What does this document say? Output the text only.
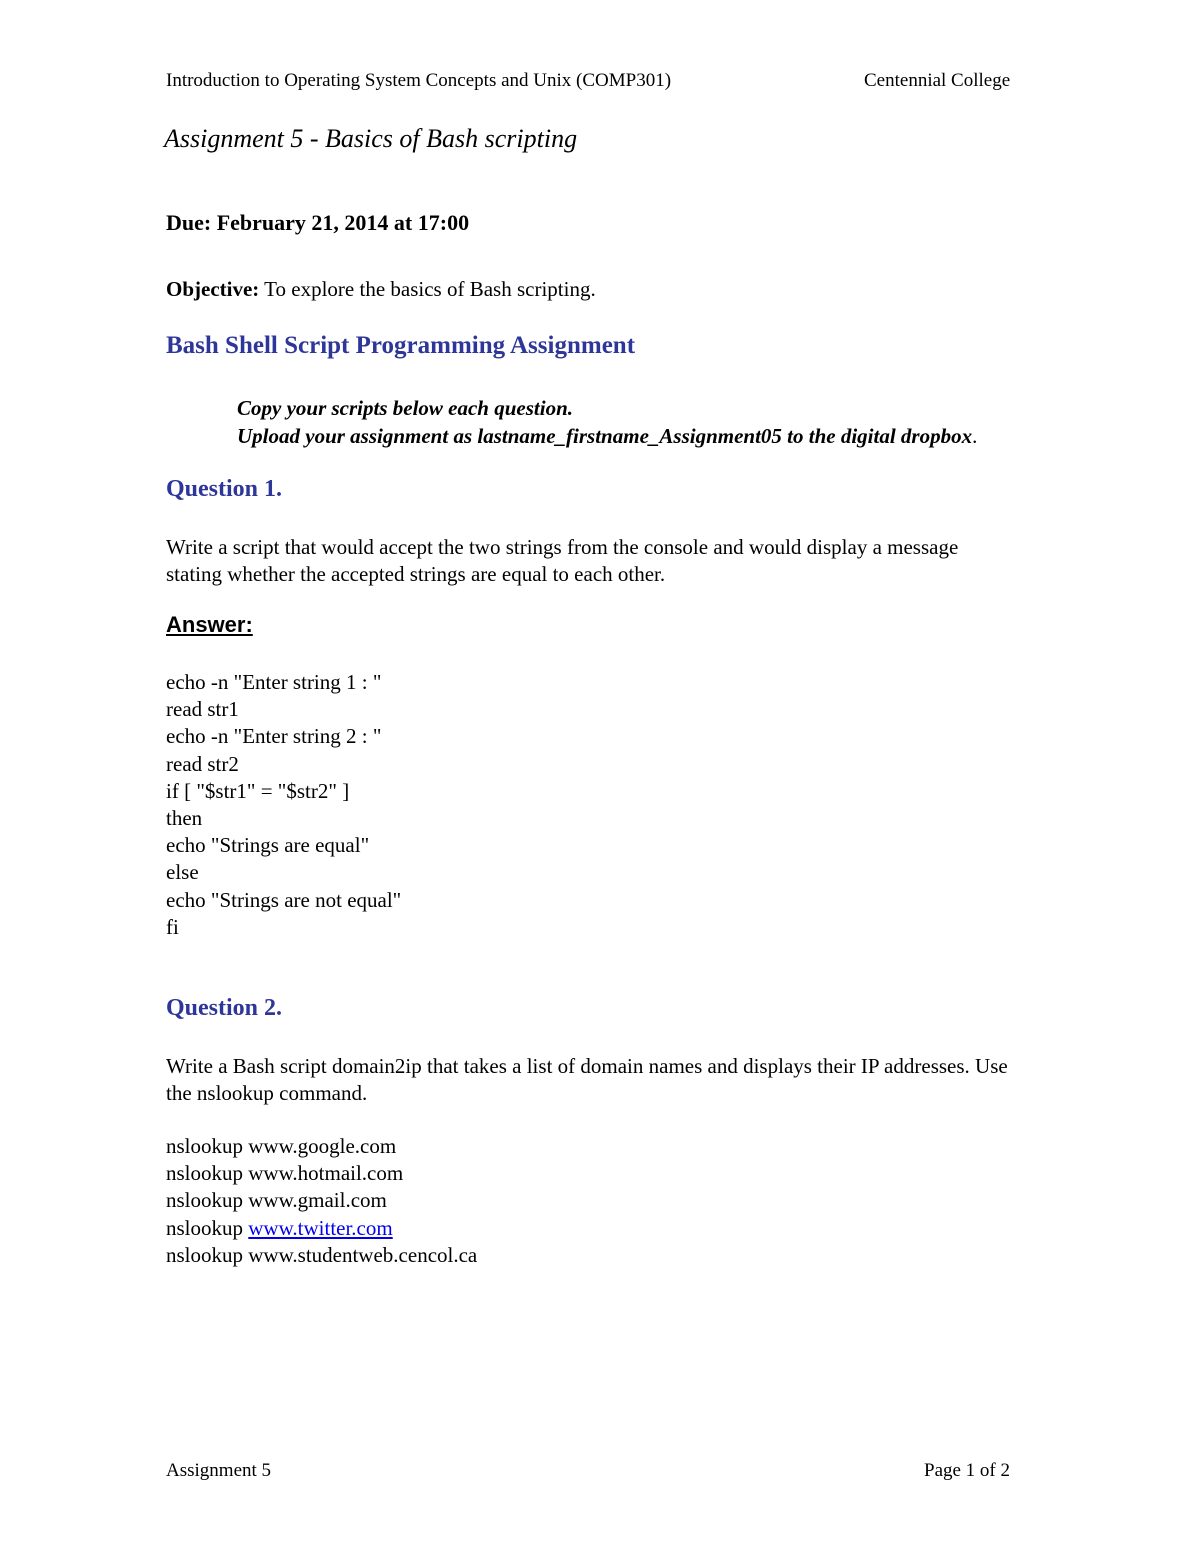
Introduction to Operating System Concepts and Unix (COMP301)	Centennial College
Assignment 5 - Basics of Bash scripting
Due: February 21, 2014 at 17:00
Objective: To explore the basics of Bash scripting.
Bash Shell Script Programming Assignment
Copy your scripts below each question.
Upload your assignment as lastname_firstname_Assignment05 to the digital dropbox.
Question 1.
Write a script that would accept the two strings from the console and would display a message
stating whether the accepted strings are equal to each other.
Answer:
echo -n "Enter string 1 : "
read str1
echo -n "Enter string 2 : "
read str2
if [ "$str1" = "$str2" ]
then
echo "Strings are equal"
else
echo "Strings are not equal"
fi
Question 2.
Write a Bash script domain2ip that takes a list of domain names and displays their IP addresses. Use
the nslookup command.
nslookup www.google.com
nslookup www.hotmail.com
nslookup www.gmail.com
nslookup www.twitter.com
nslookup www.studentweb.cencol.ca
Assignment 5	Page 1 of 2
